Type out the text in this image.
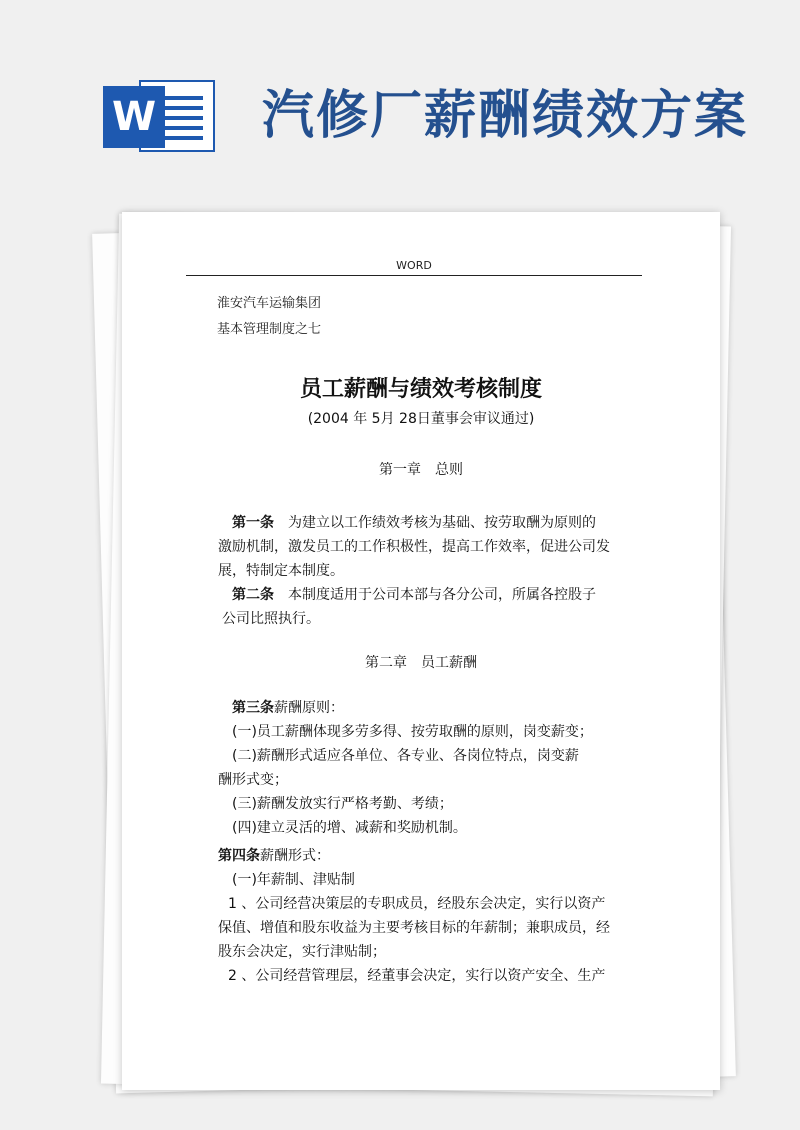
W 汽修厂薪酬绩效方案
WORD
淮安汽车运输集团
基本管理制度之七
员工薪酬与绩效考核制度
(2004 年 5月 28日董事会审议通过)
第一章　总则

第一条　为建立以工作绩效考核为基础、按劳取酬为原则的
激励机制，激发员工的工作积极性，提高工作效率，促进公司发
展，特制定本制度。

第二条　本制度适用于公司本部与各分公司，所属各控股子
公司比照执行。

第二章　员工薪酬

第三条薪酬原则：
(一)员工薪酬体现多劳多得、按劳取酬的原则，岗变薪变；
(二)薪酬形式适应各单位、各专业、各岗位特点，岗变薪
酬形式变；
(三)薪酬发放实行严格考勤、考绩；
(四)建立灵活的增、减薪和奖励机制。

第四条薪酬形式：
(一)年薪制、津贴制
1 、公司经营决策层的专职成员，经股东会决定，实行以资产
保值、增值和股东收益为主要考核目标的年薪制；兼职成员，经
股东会决定，实行津贴制；
2 、公司经营管理层，经董事会决定，实行以资产安全、生产
